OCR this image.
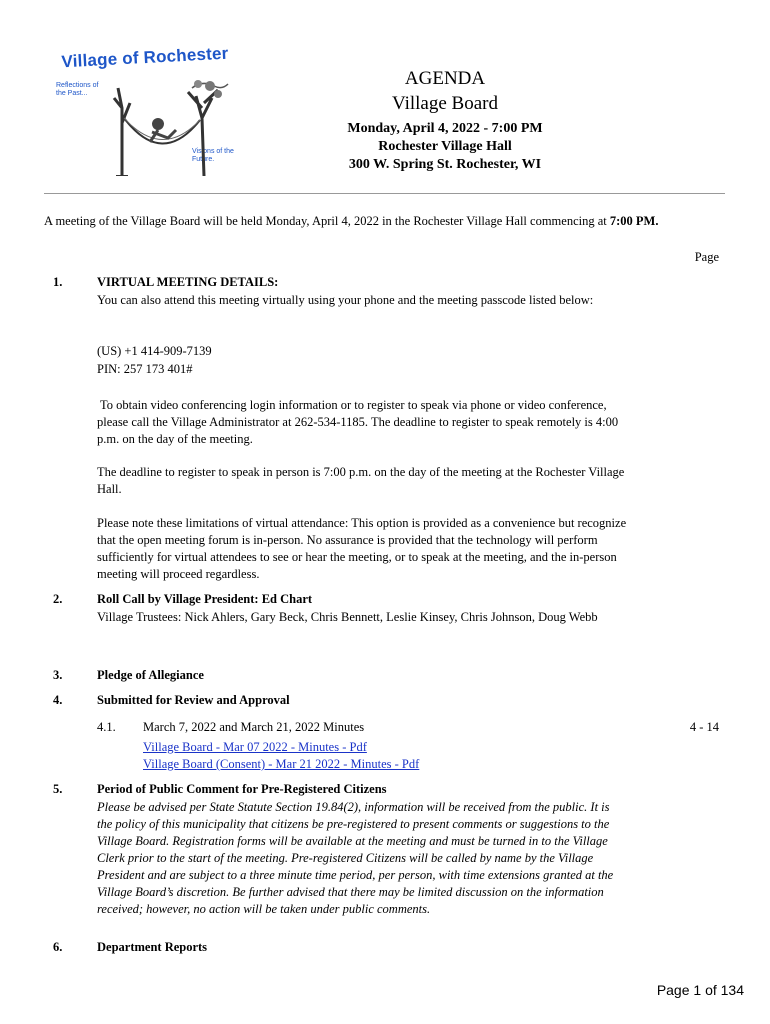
Village of Rochester
Reflections of the Past...
Visions of the Future.
AGENDA
Village Board
Monday, April 4, 2022 - 7:00 PM
Rochester Village Hall
300 W. Spring St. Rochester, WI
A meeting of the Village Board will be held Monday, April 4, 2022 in the Rochester Village Hall commencing at 7:00 PM.
Page
1.	VIRTUAL MEETING DETAILS:
You can also attend this meeting virtually using your phone and the meeting passcode listed below:
(US) +1 414-909-7139
PIN: 257 173 401#
To obtain video conferencing login information or to register to speak via phone or video conference, please call the Village Administrator at 262-534-1185. The deadline to register to speak remotely is 4:00 p.m. on the day of the meeting.
The deadline to register to speak in person is 7:00 p.m. on the day of the meeting at the Rochester Village Hall.
Please note these limitations of virtual attendance: This option is provided as a convenience but recognize that the open meeting forum is in-person. No assurance is provided that the technology will perform sufficiently for virtual attendees to see or hear the meeting, or to speak at the meeting, and the in-person meeting will proceed regardless.
2.	Roll Call by Village President: Ed Chart
Village Trustees: Nick Ahlers, Gary Beck, Chris Bennett, Leslie Kinsey, Chris Johnson, Doug Webb
3.	Pledge of Allegiance
4.	Submitted for Review and Approval
4.1. March 7, 2022 and March 21, 2022 Minutes	4 - 14
Village Board - Mar 07 2022 - Minutes - Pdf
Village Board (Consent) - Mar 21 2022 - Minutes - Pdf
5.	Period of Public Comment for Pre-Registered Citizens
Please be advised per State Statute Section 19.84(2), information will be received from the public. It is the policy of this municipality that citizens be pre-registered to present comments or suggestions to the Village Board. Registration forms will be available at the meeting and must be turned in to the Village Clerk prior to the start of the meeting. Pre-registered Citizens will be called by name by the Village President and are subject to a three minute time period, per person, with time extensions granted at the Village Board’s discretion. Be further advised that there may be limited discussion on the information received; however, no action will be taken under public comments.
6.	Department Reports
Page 1 of 134
